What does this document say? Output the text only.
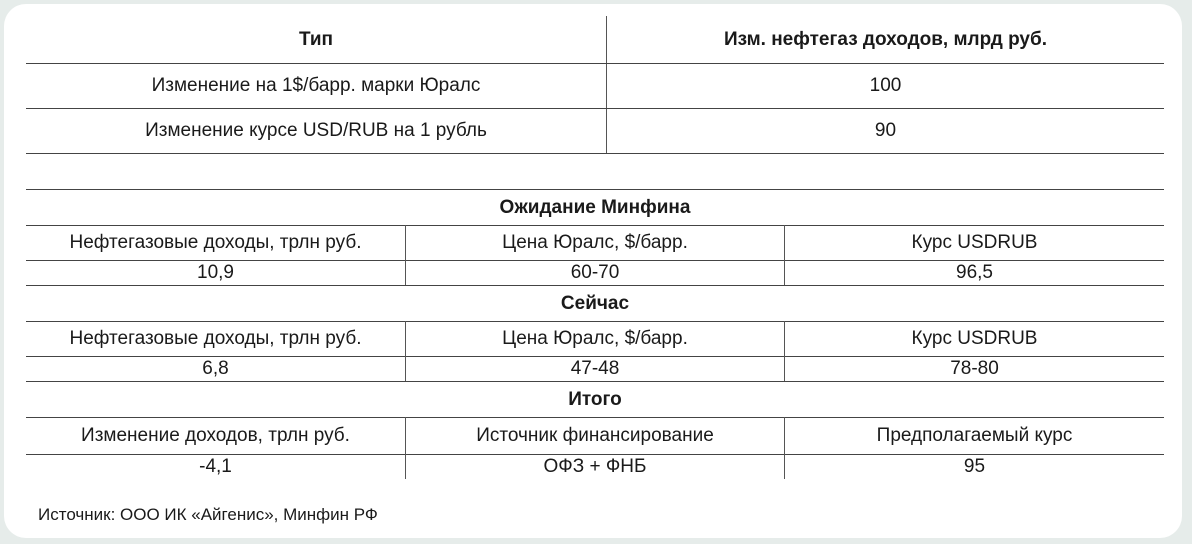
Тип	Изм. нефтегаз доходов, млрд руб.
Изменение на 1$/барр. марки Юралс	100
Изменение курсе USD/RUB на 1 рубль	90
Ожидание Минфина
Нефтегазовые доходы, трлн руб.	Цена Юралс, $/барр.	Курс USDRUB
10,9	60-70	96,5
Сейчас
Нефтегазовые доходы, трлн руб.	Цена Юралс, $/барр.	Курс USDRUB
6,8	47-48	78-80
Итого
Изменение доходов, трлн руб.	Источник финансирование	Предполагаемый курс
-4,1	ОФЗ + ФНБ	95
Источник: ООО ИК «Айгенис», Минфин РФ
